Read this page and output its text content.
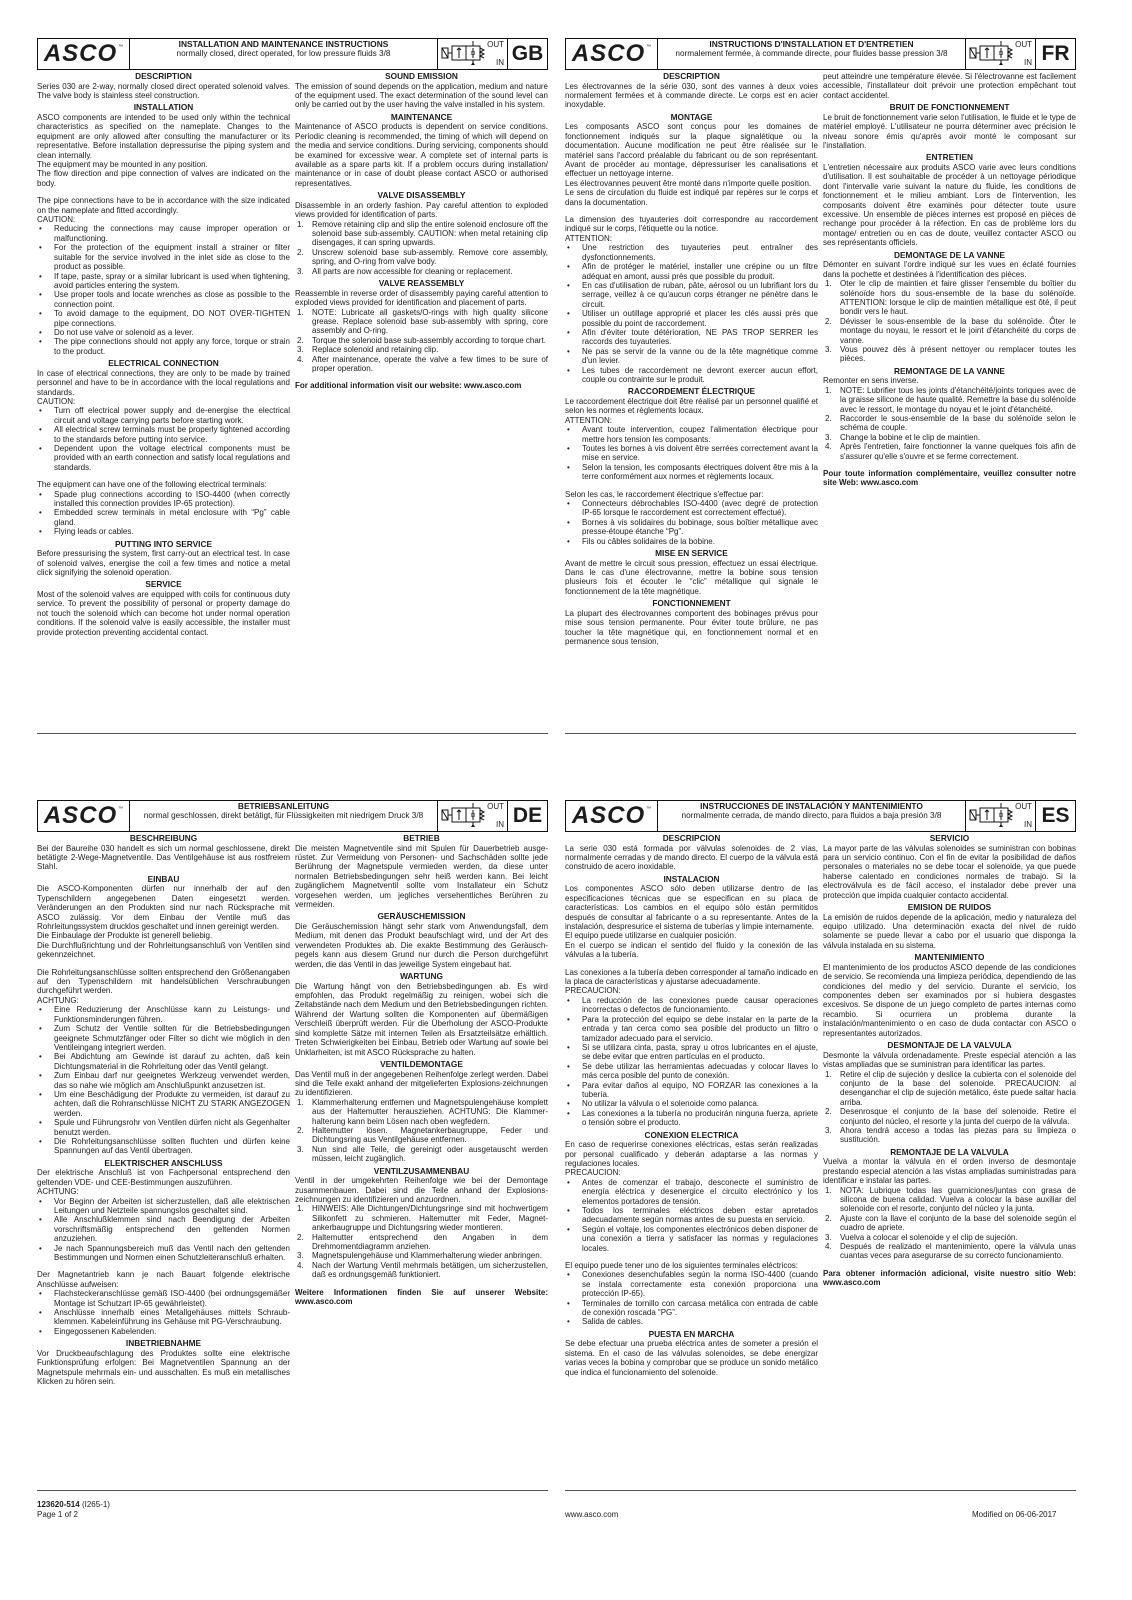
ASCO™	INSTALLATION AND MAINTENANCE INSTRUCTIONS
normally closed, direct operated, for low pressure fluids 3/8
OUT
IN GB
DESCRIPTION

Series 030 are 2-way, normally closed direct operated solenoid valves. The valve body is stainless steel construction.

INSTALLATION

ASCO components are intended to be used only within the technical characteristics as specified on the nameplate. Changes to the equipment are only allowed after consulting the manufacturer or its representative. Before installation depressurise the piping system and clean internally.

The equipment may be mounted in any position.

The flow direction and pipe connection of valves are indicated on the body.

The pipe connections have to be in accordance with the size indicated on the nameplate and fitted accordingly.

CAUTION:

• Reducing the connections may cause improper operation or malfunctioning.
• For the protection of the equipment install a strainer or filter suitable for the service involved in the inlet side as close to the product as possible.
• If tape, paste, spray or a similar lubricant is used when tightening, avoid particles entering the system.
• Use proper tools and locate wrenches as close as possible to the connection point.
• To avoid damage to the equipment, DO NOT OVER-TIGHTEN pipe connections.
• Do not use valve or solenoid as a lever.
• The pipe connections should not apply any force, torque or strain to the product.
ELECTRICAL CONNECTION

In case of electrical connections, they are only to be made by trained personnel and have to be in accordance with the local regulations and standards.

CAUTION:

• Turn off electrical power supply and de-energise the electrical circuit and voltage carrying parts before starting work.
• All electrical screw terminals must be properly tightened according to the standards before putting into service.
• Dependent upon the voltage electrical components must be provided with an earth connection and satisfy local regulations and standards.

The equipment can have one of the following electrical terminals:

• Spade plug connections according to ISO-4400 (when correctly installed this connection provides IP-65 protection).
• Embedded screw terminals in metal enclosure with “Pg” cable gland.
• Flying leads or cables.
PUTTING INTO SERVICE

Before pressurising the system, first carry-out an electrical test. In case of solenoid valves, energise the coil a few times and notice a metal click signifying the solenoid operation.

SERVICE

Most of the solenoid valves are equipped with coils for continuous duty service. To prevent the possibility of personal or property damage do not touch the solenoid which can become hot under normal operation conditions. If the solenoid valve is easily accessible, the installer must provide protection preventing accidental contact.

SOUND EMISSION

The emission of sound depends on the application, medium and nature of the equipment used. The exact determination of the sound level can only be carried out by the user having the valve installed in his system.

MAINTENANCE

Maintenance of ASCO products is dependent on service conditions. Periodic cleaning is recommended, the timing of which will depend on the media and service conditions. During servicing, components should be examined for excessive wear. A complete set of internal parts is available as a spare parts kit. If a problem occurs during installation/ maintenance or in case of doubt please contact ASCO or authorised representatives.

VALVE DISASSEMBLY

Disassemble in an orderly fashion. Pay careful attention to exploded views provided for identification of parts.

1. Remove retaining clip and slip the entire solenoid enclosure off the solenoid base sub-assembly. CAUTION: when metal retaining clip disengages, it can spring upwards.
2. Unscrew solenoid base sub-assembly. Remove core assembly, spring, and O-ring from valve body.
3. All parts are now accessible for cleaning or replacement.
VALVE REASSEMBLY

Reassemble in reverse order of disassembly paying careful attention to exploded views provided for identification and placement of parts.

1. NOTE: Lubricate all gaskets/O-rings with high quality silicone grease. Replace solenoid base sub-assembly with spring, core assembly and O-ring.
2. Torque the solenoid base sub-assembly according to torque chart.
3. Replace solenoid and retaining clip.
4. After maintenance, operate the valve a few times to be sure of proper operation.

For additional information visit our website: www.asco.com

ASCO™	INSTRUCTIONS D'INSTALLATION ET D'ENTRETIEN
normalement fermée, à commande directe, pour fluides basse pression 3/8
OUT
IN FR
DESCRIPTION

Les électrovannes de la série 030, sont des vannes à deux voies normalement fermées et à commande directe. Le corps est en acier inoxydable.

MONTAGE

Les composants ASCO sont conçus pour les domaines de fonctionnement indiqués sur la plaque signalétique ou la documentation. Aucune modification ne peut être réalisée sur le matériel sans l'accord préalable du fabricant ou de son représentant. Avant de procéder au montage, dépressuriser les canalisations et effectuer un nettoyage interne.

Les électrovannes peuvent être monté dans n'importe quelle position.

Le sens de circulation du fluide est indiqué par repères sur le corps et dans la documentation.

La dimension des tuyauteries doit correspondre au raccordement indiqué sur le corps, l'étiquette ou la notice.

ATTENTION:

• Une restriction des tuyauteries peut entraîner des dysfonctionnements.
• Afin de protéger le matériel, installer une crépine ou un filtre adéquat en amont, aussi près que possible du produit.
• En cas d'utilisation de ruban, pâte, aérosol ou un lubrifiant lors du serrage, veillez à ce qu'aucun corps étranger ne pénètre dans le circuit.
• Utiliser un outillage approprié et placer les clés aussi près que possible du point de raccordement.
• Afin d'éviter toute détérioration, NE PAS TROP SERRER les raccords des tuyauteries.
• Ne pas se servir de la vanne ou de la tête magnétique comme d'un levier.
• Les tubes de raccordement ne devront exercer aucun effort, couple ou contrainte sur le produit.
RACCORDEMENT ÉLECTRIQUE

Le raccordement électrique doit être réalisé par un personnel qualifié et selon les normes et règlements locaux.

ATTENTION:

• Avant toute intervention, coupez l'alimentation électrique pour mettre hors tension les composants.
• Toutes les bornes à vis doivent être serrées correctement avant la mise en service.
• Selon la tension, les composants électriques doivent être mis à la terre conformément aux normes et règlements locaux.

Selon les cas, le raccordement électrique s'effectue par:

• Connecteurs débrochables ISO-4400 (avec degré de protection IP-65 lorsque le raccordement est correctement effectué).
• Bornes à vis solidaires du bobinage, sous boîtier métallique avec presse-étoupe étanche “Pg”.
• Fils ou câbles solidaires de la bobine.
MISE EN SERVICE

Avant de mettre le circuit sous pression, effectuez un essai électrique. Dans le cas d'une électrovanne, mettre la bobine sous tension plusieurs fois et écouter le “clic” métallique qui signale le fonctionnement de la tête magnétique.

FONCTIONNEMENT

La plupart des électrovannes comportent des bobinages prévus pour mise sous tension permanente. Pour éviter toute brûlure, ne pas toucher la tête magnétique qui, en fonctionnement normal et en permanence sous tension,

peut atteindre une température élevée. Si l'électrovanne est facilement accessible, l'installateur doit prévoir une protection empêchant tout contact accidentel.

BRUIT DE FONCTIONNEMENT

Le bruit de fonctionnement varie selon l'utilisation, le fluide et le type de matériel employé. L'utilisateur ne pourra déterminer avec précision le niveau sonore émis qu'après avoir monté le composant sur l'installation.

ENTRETIEN

L'entretien nécessaire aux produits ASCO varie avec leurs conditions d'utilisation. Il est souhaitable de procéder à un nettoyage périodique dont l'intervalle varie suivant la nature du fluide, les conditions de fonctionnement et le milieu ambiant. Lors de l'intervention, les composants doivent être examinés pour détecter toute usure excessive. Un ensemble de pièces internes est proposé en pièces de rechange pour procéder à la réfection. En cas de problème lors du montage/ entretien ou en cas de doute, veuillez contacter ASCO ou ses représentants officiels.

DEMONTAGE DE LA VANNE

Démonter en suivant l'ordre indiqué sur les vues en éclaté fournies dans la pochette et destinées à l'identification des pièces.

1. Oter le clip de maintien et faire glisser l'ensemble du boîtier du solénoïde hors du sous-ensemble de la base du solénoïde. ATTENTION: lorsque le clip de maintien métallique est ôté, il peut bondir vers le haut.
2. Dévisser le sous-ensemble de la base du solénoïde. Ôter le montage du noyau, le ressort et le joint d'étanchéité du corps de vanne.
3. Vous pouvez dès à présent nettoyer ou remplacer toutes les pièces.
REMONTAGE DE LA VANNE

Remonter en sens inverse.

1. NOTE: Lubrifier tous les joints d'étanchéité/joints toriques avec de la graisse silicone de haute qualité. Remettre la base du solénoïde avec le ressort, le montage du noyau et le joint d'étanchéité.
2. Raccorder le sous-ensemble de la base du solénoïde selon le schéma de couple.
3. Change la bobine et le clip de maintien.
4. Après l'entretien, faire fonctionner la vanne quelques fois afin de s'assurer qu'elle s'ouvre et se ferme correctement.

Pour toute information complémentaire, veuillez consulter notre site Web: www.asco.com

ASCO™	BETRIEBSANLEITUNG
normal geschlossen, direkt betätigt, für Flüssigkeiten mit niedrigem Druck 3/8
OUT
IN DE
BESCHREIBUNG

Bei der Baureihe 030 handelt es sich um normal geschlossene, direkt betätigte 2-Wege-Magnetventile. Das Ventilgehäuse ist aus rostfreiem Stahl.

EINBAU

Die ASCO-Komponenten dürfen nur innerhalb der auf den Typenschildern angegebenen Daten eingesetzt werden. Veränderungen an den Produkten sind nur nach Rücksprache mit ASCO zulässig. Vor dem Einbau der Ventile muß das Rohrleitungssystem drucklos geschaltet und innen gereinigt werden.

Die Einbaulage der Produkte ist generell beliebig.

Die Durchflußrichtung und der Rohrleitungsanschluß von Ventilen sind gekennzeichnet.

Die Rohrleitungsanschlüsse sollten entsprechend den Größenangaben auf den Typenschildern mit handelsüblichen Verschraubungen durchgeführt werden.

ACHTUNG:

• Eine Reduzierung der Anschlüsse kann zu Leistungs- und Funktionsminderungen führen.
• Zum Schutz der Ventile sollten für die Betriebsbedingungen geeignete Schmutzfänger oder Filter so dicht wie möglich in den Ventileingang integriert werden.
• Bei Abdichtung am Gewinde ist darauf zu achten, daß kein Dichtungsmaterial in die Rohrleitung oder das Ventil gelangt.
• Zum Einbau darf nur geeignetes Werkzeug verwendet werden, das so nahe wie möglich am Anschlußpunkt anzusetzen ist.
• Um eine Beschädigung der Produkte zu vermeiden, ist darauf zu achten, daß die Rohranschlüsse NICHT ZU STARK ANGEZOGEN werden.
• Spule und Führungsrohr von Ventilen dürfen nicht als Gegenhalter benutzt werden.
• Die Rohrleitungsanschlüsse sollten fluchten und dürfen keine Spannungen auf das Ventil übertragen.
ELEKTRISCHER ANSCHLUSS

Der elektrische Anschluß ist von Fachpersonal entsprechend den geltenden VDE- und CEE-Bestimmungen auszuführen.

ACHTUNG:

• Vor Beginn der Arbeiten ist sicherzustellen, daß alle elektrischen Leitungen und Netzteile spannungslos geschaltet sind.
• Alle Anschlußklemmen sind nach Beendigung der Arbeiten vorschriftsmäßig entsprechend den geltenden Normen anzuziehen.
• Je nach Spannungsbereich muß das Ventil nach den geltenden Bestimmungen und Normen einen Schutzleiteranschluß erhalten.

Der Magnetantrieb kann je nach Bauart folgende elektrische Anschlüsse aufweisen:

• Flachsteckeranschlüsse gemäß ISO-4400 (bei ordnungsgemäßer Montage ist Schutzart IP-65 gewährleistet).
• Anschlüsse innerhalb eines Metallgehäuses mittels Schraub-klemmen. Kabeleinführung ins Gehäuse mit PG-Verschraubung.
• Eingegossenen Kabelenden.
INBETRIEBNAHME

Vor Druckbeaufschlagung des Produktes sollte eine elektrische Funktionsprüfung erfolgen: Bei Magnetventilen Spannung an der Magnetspule mehrmals ein- und ausschalten. Es muß ein metallisches Klicken zu hören sein.

BETRIEB

Die meisten Magnetventile sind mit Spulen für Dauerbetrieb ausge-rüstet. Zur Vermeidung von Personen- und Sachschäden sollte jede Berührung der Magnetspule vermieden werden, da diese unter normalen Betriebsbedingungen sehr heiß werden kann. Bei leicht zugänglichem Magnetventil sollte vom Installateur ein Schutz vorgesehen werden, um jegliches versehentliches Berühren zu vermeiden.

GERÄUSCHEMISSION

Die Geräuschemission hängt sehr stark vom Anwendungsfall, dem Medium, mit denen das Produkt beaufschlagt wird, und der Art des verwendeten Produktes ab. Die exakte Bestimmung des Geräusch-pegels kann aus diesem Grund nur durch die Person durchgeführt werden, die das Ventil in das jeweilige System eingebaut hat.

WARTUNG

Die Wartung hängt von den Betriebsbedingungen ab. Es wird empfohlen, das Produkt regelmäßig zu reinigen, wobei sich die Zeitabstände nach dem Medium und den Betriebsbedingungen richten. Während der Wartung sollten die Komponenten auf übermäßigen Verschleiß überprüft werden. Für die Überholung der ASCO-Produkte sind komplette Sätze mit internen Teilen als Ersatzteilsätze erhältlich. Treten Schwierigkeiten bei Einbau, Betrieb oder Wartung auf sowie bei Unklarheiten, ist mit ASCO Rücksprache zu halten.

VENTILDEMONTAGE

Das Ventil muß in der angegebenen Reihenfolge zerlegt werden. Dabei sind die Teile exakt anhand der mitgelieferten Explosions-zeichnungen zu identifizieren.

1. Klammerhalterung entfernen und Magnetspulengehäuse komplett aus der Haltemutter herausziehen. ACHTUNG: Die Klammer-halterung kann beim Lösen nach oben wegfedern.
2. Haltemutter lösen. Magnetankerbaugruppe, Feder und Dichtungsring aus Ventilgehäuse entfernen.
3. Nun sind alle Teile, die gereinigt oder ausgetauscht werden müssen, leicht zugänglich.
VENTILZUSAMMENBAU

Ventil in der umgekehrten Reihenfolge wie bei der Demontage zusammenbauen. Dabei sind die Teile anhand der Explosions-zeichnungen zu identifizieren und anzuordnen.

1. HINWEIS: Alle Dichtungen/Dichtungsringe sind mit hochwertigem Silikonfett zu schmieren. Haltemutter mit Feder, Magnet-ankerbaugruppe und Dichtungsring wieder montieren.
2. Haltemutter entsprechend den Angaben in dem Drehmomentdiagramm anziehen.
3. Magnetspulengehäuse und Klammerhalterung wieder anbringen.
4. Nach der Wartung Ventil mehrmals betätigen, um sicherzustellen, daß es ordnungsgemäß funktioniert.

Weitere Informationen finden Sie auf unserer Website: www.asco.com

ASCO™	INSTRUCCIONES DE INSTALACIÓN Y MANTENIMIENTO
normalmente cerrada, de mando directo, para fluidos a baja presión 3/8
OUT
IN ES
DESCRIPCION

La serie 030 está formada por válvulas solenoides de 2 vías, normalmente cerradas y de mando directo. El cuerpo de la válvula está construido de acero inoxidable.

INSTALACION

Los componentes ASCO sólo deben utilizarse dentro de las especificaciones técnicas que se especifican en su placa de características. Los cambios en el equipo sólo están permitidos después de consultar al fabricante o a su representante. Antes de la instalación, despresurice el sistema de tuberías y limpie internamente.

El equipo puede utilizarse en cualquier posición.

En el cuerpo se indican el sentido del fluido y la conexión de las válvulas a la tubería.

Las conexiones a la tubería deben corresponder al tamaño indicado en la placa de características y ajustarse adecuadamente.

PRECAUCION:

• La reducción de las conexiones puede causar operaciones incorrectas o defectos de funcionamiento.
• Para la protección del equipo se debe instalar en la parte de la entrada y tan cerca como sea posible del producto un filtro o tamizador adecuado para el servicio.
• Si se utilizara cinta, pasta, spray u otros lubricantes en el ajuste, se debe evitar que entren partículas en el producto.
• Se debe utilizar las herramientas adecuadas y colocar llaves lo más cerca posible del punto de conexión.
• Para evitar daños al equipo, NO FORZAR las conexiones a la tubería.
• No utilizar la válvula o el solenoide como palanca.
• Las conexiones a la tubería no producirán ninguna fuerza, apriete o tensión sobre el producto.
CONEXION ELECTRICA

En caso de requerirse conexiones eléctricas, estas serán realizadas por personal cualificado y deberán adaptarse a las normas y regulaciones locales.

PRECAUCION:

• Antes de comenzar el trabajo, desconecte el suministro de energía eléctrica y desenergice el circuito electrónico y los elementos portadores de tensión.
• Todos los terminales eléctricos deben estar apretados adecuadamente según normas antes de su puesta en servicio.
• Según el voltaje, los componentes electrónicos deben disponer de una conexión a tierra y satisfacer las normas y regulaciones locales.

El equipo puede tener uno de los siguientes terminales eléctricos:

• Conexiones desenchufables según la norma ISO-4400 (cuando se instala correctamente esta conexión proporciona una protección IP-65).
• Terminales de tornillo con carcasa metálica con entrada de cable de conexión roscada “PG”.
• Salida de cables.
PUESTA EN MARCHA

Se debe efectuar una prueba eléctrica antes de someter a presión el sistema. En el caso de las válvulas solenoides, se debe energizar varias veces la bobina y comprobar que se produce un sonido metálico que indica el funcionamiento del solenoide.

SERVICIO

La mayor parte de las válvulas solenoides se suministran con bobinas para un servicio continuo. Con el fin de evitar la posibilidad de daños personales o materiales no se debe tocar el solenoide, ya que puede haberse calentado en condiciones normales de trabajo. Si la electroválvula es de fácil acceso, el instalador debe prever una protección que impida cualquier contacto accidental.

EMISION DE RUIDOS

La emisión de ruidos depende de la aplicación, medio y naturaleza del equipo utilizado. Una determinación exacta del nivel de ruido solamente se puede llevar a cabo por el usuario que disponga la válvula instalada en su sistema.

MANTENIMIENTO

El mantenimiento de los productos ASCO depende de las condiciones de servicio. Se recomienda una limpieza periódica, dependiendo de las condiciones del medio y del servicio. Durante el servicio, los componentes deben ser examinados por si hubiera desgastes excesivos. Se dispone de un juego completo de partes internas como recambio. Si ocurriera un problema durante la instalación/mantenimiento o en caso de duda contactar con ASCO o representantes autorizados.

DESMONTAJE DE LA VALVULA

Desmonte la válvula ordenadamente. Preste especial atención a las vistas ampliadas que se suministran para identificar las partes.

1. Retire el clip de sujeción y deslice la cubierta con el solenoide del conjunto de la base del solenoide. PRECAUCION: al desenganchar el clip de sujeción metálico, éste puede saltar hacia arriba.
2. Desenrosque el conjunto de la base del solenoide. Retire el conjunto del núcleo, el resorte y la junta del cuerpo de la válvula.
3. Ahora tendrá acceso a todas las piezas para su limpieza o sustitución.
REMONTAJE DE LA VALVULA

Vuelva a montar la válvula en el orden inverso de desmontaje prestando especial atención a las vistas ampliadas suministradas para identificar e instalar las partes.

1. NOTA: Lubrique todas las guarniciones/juntas con grasa de silicona de buena calidad. Vuelva a colocar la base auxiliar del solenoide con el resorte, conjunto del núcleo y la junta.
2. Ajuste con la llave el conjunto de la base del solenoide según el cuadro de apriete.
3. Vuelva a colocar el solenoide y el clip de sujeción.
4. Después de realizado el mantenimiento, opere la válvula unas cuantas veces para asegurarse de su correcto funcionamiento.

Para obtener información adicional, visite nuestro sitio Web: www.asco.com

123620-514 (I265-1)
Page 1 of 2	www.asco.com	Modified on 06-06-2017
